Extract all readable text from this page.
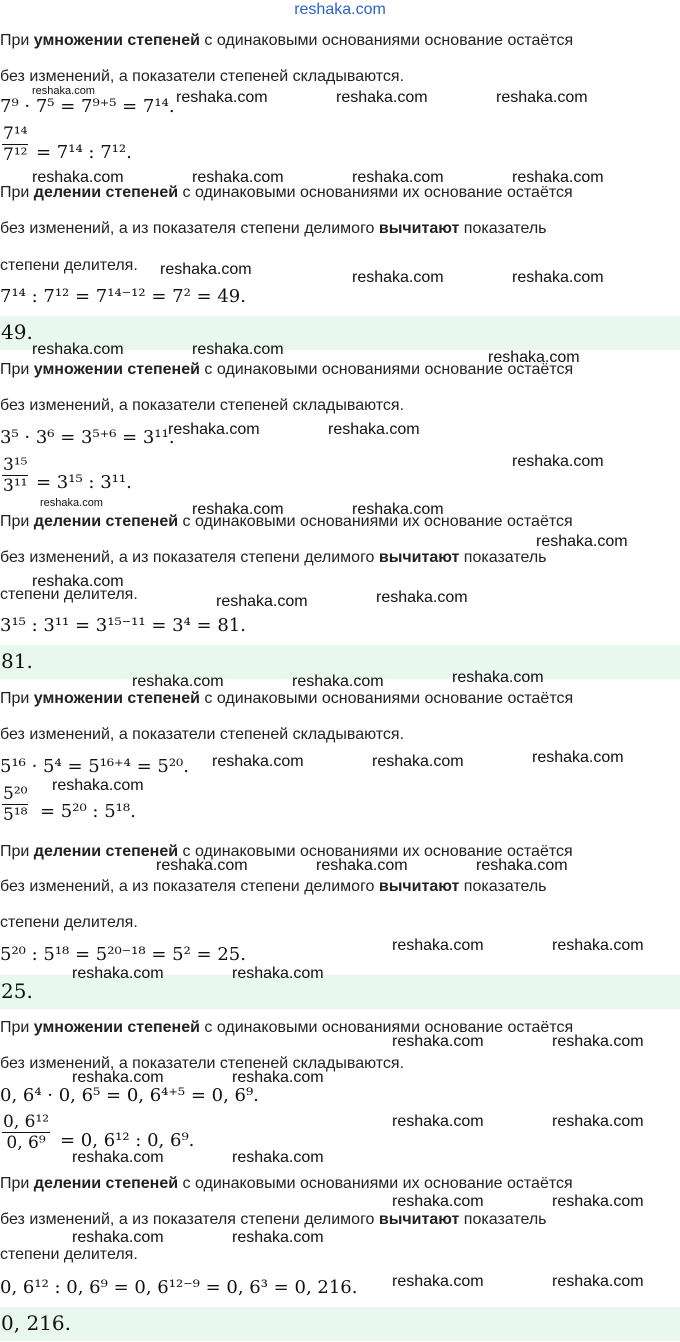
reshaka.com
При умножении степеней с одинаковыми основаниями основание остаётся
без изменений, а показатели степеней складываются.
7⁹ · 7⁵ = 7⁹⁺⁵ = 7¹⁴.
$\frac{\text{7¹⁴}}{\text{7¹²}} = 7^{14}$ : 7¹².
При делении степеней с одинаковыми основаниями их основание остаётся
без изменений, а из показателя степени делимого вычитают показатель
степени делителя.
7¹⁴ : 7¹² = 7¹⁴⁻¹² = 7² = 49.
49.
При умножении степеней с одинаковыми основаниями основание остаётся
без изменений, а показатели степеней складываются.
3⁵ · 3⁶ = 3⁵⁺⁶ = 3¹¹.
$\frac{\text{3¹⁵}}{\text{3¹¹}} = 3^{15}$ : 3¹¹.
При делении степеней с одинаковыми основаниями их основание остаётся
без изменений, а из показателя степени делимого вычитают показатель
степени делителя.
3¹⁵ : 3¹¹ = 3¹⁵⁻¹¹ = 3⁴ = 81.
81.
При умножении степеней с одинаковыми основаниями основание остаётся
без изменений, а показатели степеней складываются.
5¹⁶ · 5⁴ = 5¹⁶⁺⁴ = 5²⁰.
$\frac{\text{5²⁰}}{\text{5¹⁸}} = 5^{20}$ : 5¹⁸.
При делении степеней с одинаковыми основаниями их основание остаётся
без изменений, а из показателя степени делимого вычитают показатель
степени делителя.
5²⁰ : 5¹⁸ = 5²⁰⁻¹⁸ = 5² = 25.
25.
При умножении степеней с одинаковыми основаниями основание остаётся
без изменений, а показатели степеней складываются.
0, 6⁴ · 0, 6⁵ = 0, 6⁴⁺⁵ = 0, 6⁹.
$\frac{\text{0, 6¹²}}{\text{0, 6⁹}} = 0$, 6¹² : 0, 6⁹.
При делении степеней с одинаковыми основаниями их основание остаётся
без изменений, а из показателя степени делимого вычитают показатель
степени делителя.
0, 6¹² : 0, 6⁹ = 0, 6¹²⁻⁹ = 0, 6³ = 0, 216.
0, 216.
reshaka.com	reshaka.com	reshaka.com	reshaka.com
reshaka.com	reshaka.com	reshaka.com	reshaka.com
reshaka.com	reshaka.com	reshaka.com
reshaka.com	reshaka.com	reshaka.com
reshaka.com	reshaka.com
reshaka.com
reshaka.com	reshaka.com	reshaka.com
reshaka.com
reshaka.com
reshaka.com	reshaka.com
reshaka.com	reshaka.com	reshaka.com
reshaka.com	reshaka.com	reshaka.com
reshaka.com
reshaka.com	reshaka.com	reshaka.com
reshaka.com	reshaka.com
reshaka.com	reshaka.com
reshaka.com	reshaka.com
reshaka.com	reshaka.com
reshaka.com	reshaka.com
reshaka.com	reshaka.com
reshaka.com	reshaka.com
reshaka.com	reshaka.com
reshaka.com	reshaka.com
